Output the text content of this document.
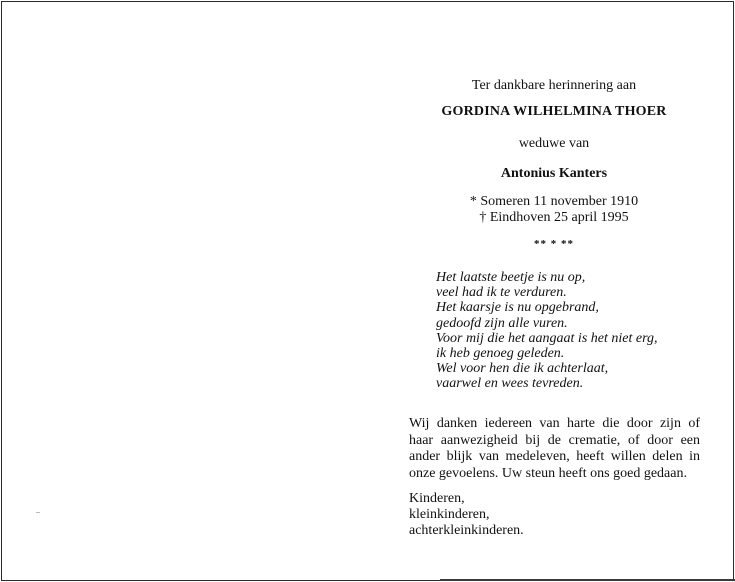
Ter dankbare herinnering aan
GORDINA WILHELMINA THOER
weduwe van
Antonius Kanters
* Someren 11 november 1910
† Eindhoven 25 april 1995
** * **
Het laatste beetje is nu op,
veel had ik te verduren.
Het kaarsje is nu opgebrand,
gedoofd zijn alle vuren.
Voor mij die het aangaat is het niet erg,
ik heb genoeg geleden.
Wel voor hen die ik achterlaat,
vaarwel en wees tevreden.
Wij danken iedereen van harte die door zijn of
haar aanwezigheid bij de crematie, of door een
ander blijk van medeleven, heeft willen delen in
onze gevoelens. Uw steun heeft ons goed gedaan.
Kinderen,
kleinkinderen,
achterkleinkinderen.
